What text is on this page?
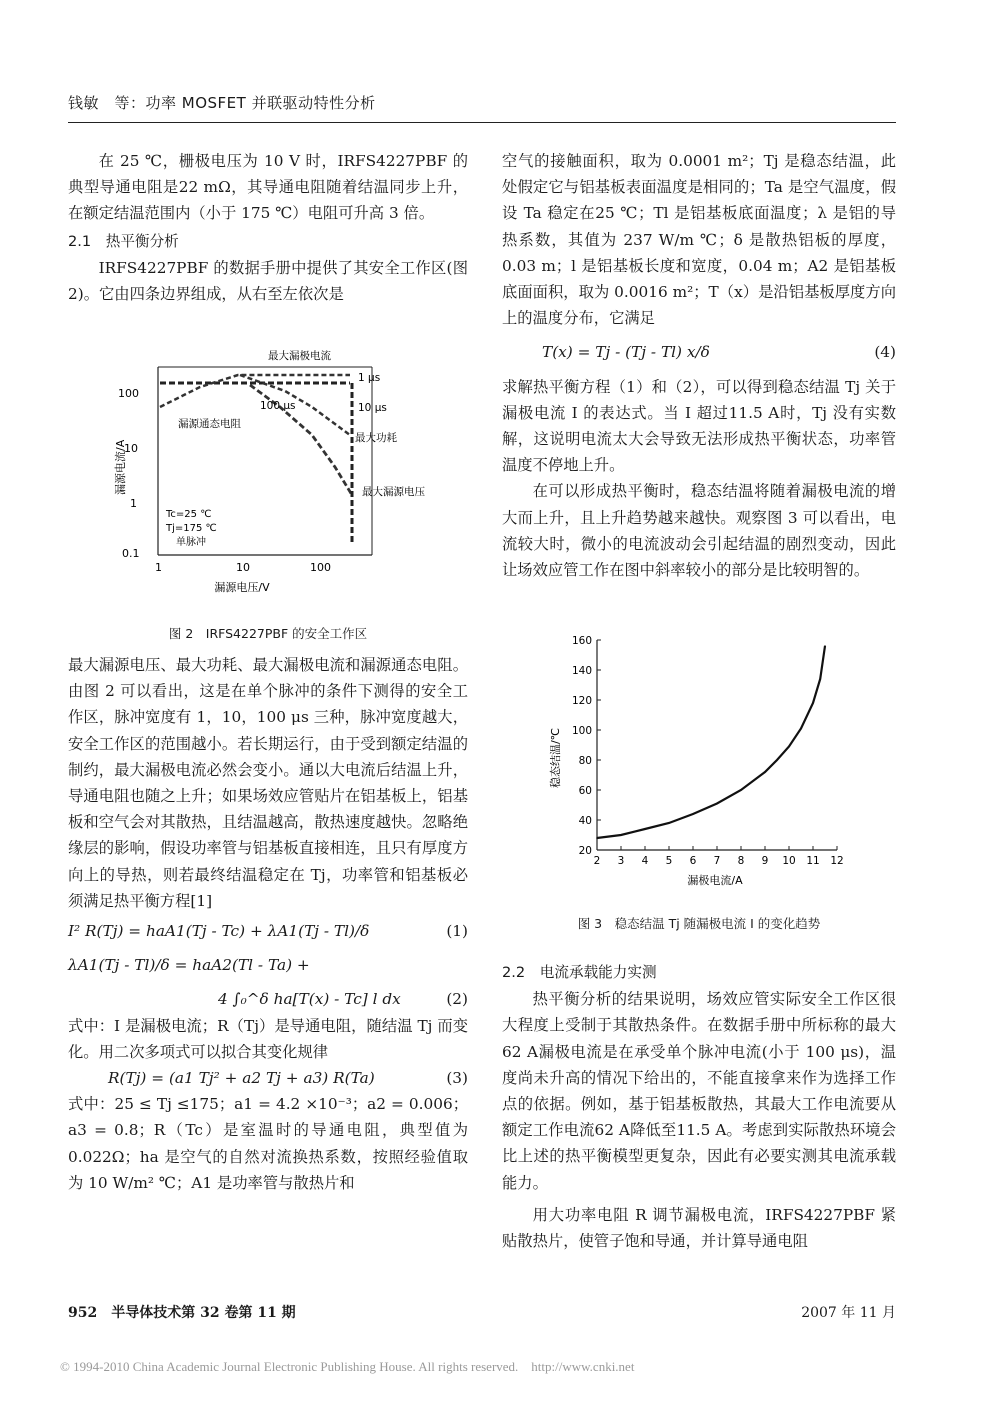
钱敏　等：功率 MOSFET 并联驱动特性分析

在 25 ℃，栅极电压为 10 V 时，IRFS4227PBF 的典型导通电阻是22 mΩ，其导通电阻随着结温同步上升，在额定结温范围内（小于 175 ℃）电阻可升高 3 倍。

2.1　热平衡分析

IRFS4227PBF 的数据手册中提供了其安全工作区(图2)。它由四条边界组成，从右至左依次是

100
10
1
0.1
1	10	100
漏源电压/V
漏源电流/A
最大漏极电流
1 μs
10 μs
100 μs
漏源通态电阻
最大功耗
最大漏源电压
Tc=25 ℃
Tj=175 ℃
单脉冲
图 2　IRFS4227PBF 的安全工作区

最大漏源电压、最大功耗、最大漏极电流和漏源通态电阻。由图 2 可以看出，这是在单个脉冲的条件下测得的安全工作区，脉冲宽度有 1，10，100 μs 三种，脉冲宽度越大，安全工作区的范围越小。若长期运行，由于受到额定结温的制约，最大漏极电流必然会变小。通以大电流后结温上升，导通电阻也随之上升；如果场效应管贴片在铝基板上，铝基板和空气会对其散热，且结温越高，散热速度越快。忽略绝缘层的影响，假设功率管与铝基板直接相连，且只有厚度方向上的导热，则若最终结温稳定在 Tj，功率管和铝基板必须满足热平衡方程[1]

I² R(Tj) = haA1(Tj - Tc) + λA1(Tj - Tl)/δ	(1)
λA1(Tj - Tl)/δ = haA2(Tl - Ta) +
4 ∫₀^δ ha[T(x) - Tc] l dx	(2)

式中：I 是漏极电流；R（Tj）是导通电阻，随结温 Tj 而变化。用二次多项式可以拟合其变化规律

R(Tj) = (a1 Tj² + a2 Tj + a3) R(Ta)	(3)

式中：25 ≤ Tj ≤175；a1 = 4.2 ×10⁻³；a2 = 0.006；a3 = 0.8；R（Tc）是室温时的导通电阻，典型值为 0.022Ω；ha 是空气的自然对流换热系数，按照经验值取为 10 W/m² ℃；A1 是功率管与散热片和

空气的接触面积，取为 0.0001 m²；Tj 是稳态结温，此处假定它与铝基板表面温度是相同的；Ta 是空气温度，假设 Ta 稳定在25 ℃；Tl 是铝基板底面温度；λ 是铝的导热系数，其值为 237 W/m ℃；δ 是散热铝板的厚度，0.03 m；l 是铝基板长度和宽度，0.04 m；A2 是铝基板底面面积，取为 0.0016 m²；T（x）是沿铝基板厚度方向上的温度分布，它满足

T(x) = Tj - (Tj - Tl) x/δ	(4)

求解热平衡方程（1）和（2），可以得到稳态结温 Tj 关于漏极电流 I 的表达式。当 I 超过11.5 A时，Tj 没有实数解，这说明电流太大会导致无法形成热平衡状态，功率管温度不停地上升。

在可以形成热平衡时，稳态结温将随着漏极电流的增大而上升，且上升趋势越来越快。观察图 3 可以看出，电流较大时，微小的电流波动会引起结温的剧烈变动，因此让场效应管工作在图中斜率较小的部分是比较明智的。

2 3 4 5 6 7 8 9 10 11 12
20
40
60
80
100
120
140
160
漏极电流/A
稳态结温/℃
图 3　稳态结温 Tj 随漏极电流 I 的变化趋势

2.2　电流承载能力实测

热平衡分析的结果说明，场效应管实际安全工作区很大程度上受制于其散热条件。在数据手册中所标称的最大62 A漏极电流是在承受单个脉冲电流(小于 100 μs)，温度尚未升高的情况下给出的，不能直接拿来作为选择工作点的依据。例如，基于铝基板散热，其最大工作电流要从额定工作电流62 A降低至11.5 A。考虑到实际散热环境会比上述的热平衡模型更复杂，因此有必要实测其电流承载能力。

用大功率电阻 R 调节漏极电流，IRFS4227PBF 紧贴散热片，使管子饱和导通，并计算导通电阻

952　半导体技术第 32 卷第 11 期	2007 年 11 月
© 1994-2010 China Academic Journal Electronic Publishing House. All rights reserved.　http://www.cnki.net
